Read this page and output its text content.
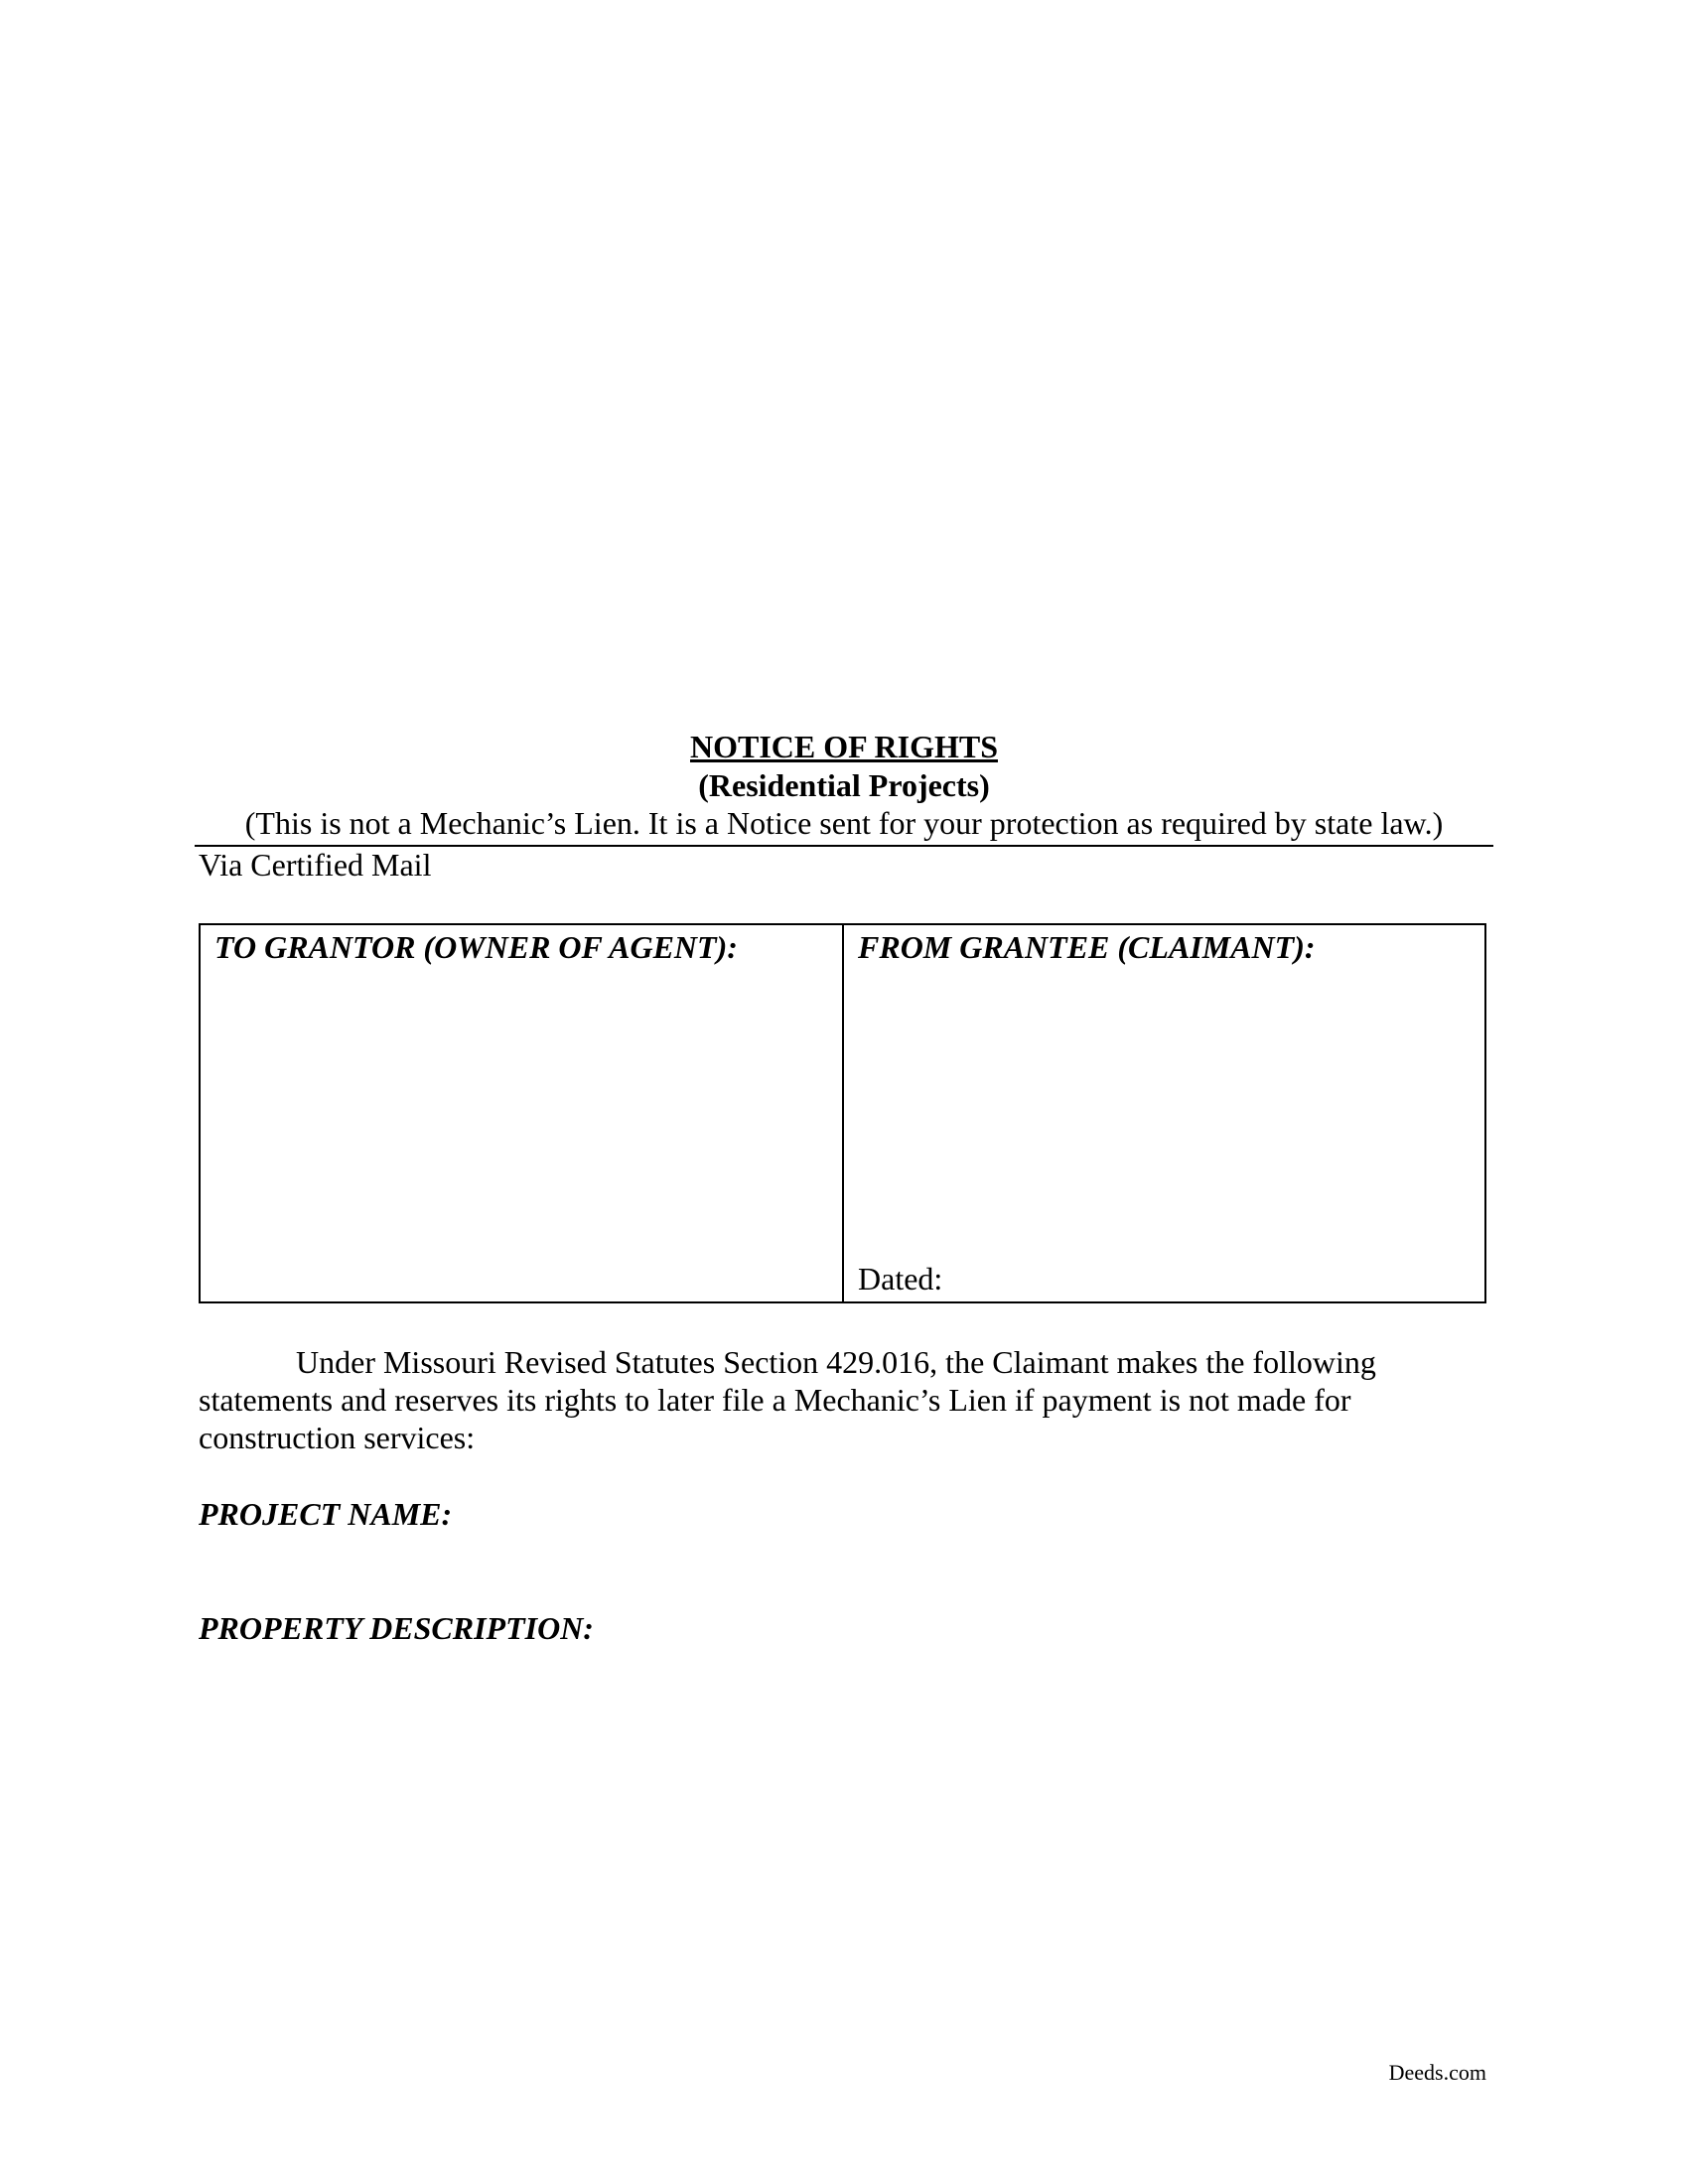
NOTICE OF RIGHTS
(Residential Projects)
(This is not a Mechanic’s Lien. It is a Notice sent for your protection as required by state law.)
Via Certified Mail
TO GRANTOR (OWNER OF AGENT):	FROM GRANTEE (CLAIMANT):
Dated:
Under Missouri Revised Statutes Section 429.016, the Claimant makes the following statements and reserves its rights to later file a Mechanic’s Lien if payment is not made for construction services:
PROJECT NAME:
PROPERTY DESCRIPTION:
Deeds.com
